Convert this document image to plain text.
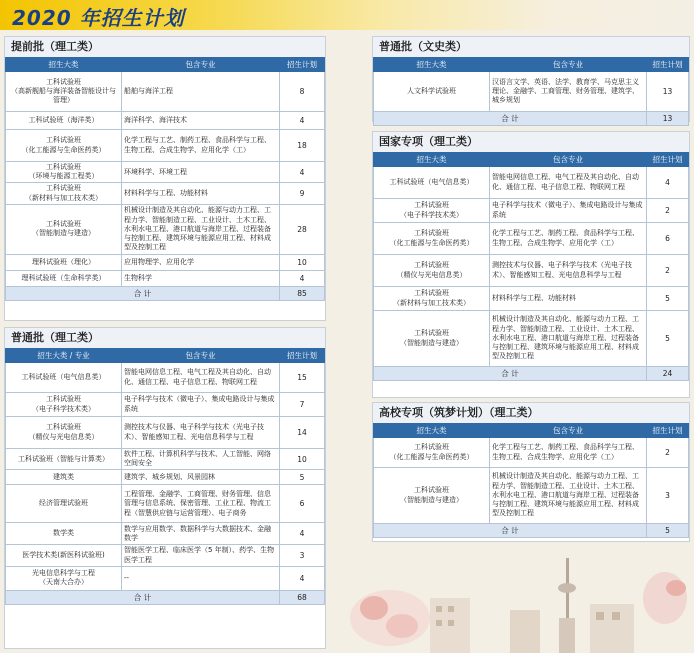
2020 年招生计划
提前批（理工类）
招生大类	包含专业	招生计划
工科试验班
（高新舰船与海洋装备智能设计与管理）	船舶与海洋工程	8
工科试验班（海洋类）	海洋科学、海洋技术	4
工科试验班
（化工能源与生命医药类）	化学工程与工艺、制药工程、食品科学与工程、生物工程、合成生物学、应用化学（工）	18
工科试验班
（环境与能源工程类）	环境科学、环境工程	4
工科试验班
（新材料与加工技术类）	材料科学与工程、功能材料	9
工科试验班
（智能制造与建造）	机械设计制造及其自动化、能源与动力工程、工程力学、智能制造工程、工业设计、土木工程、水利水电工程、港口航道与海岸工程、过程装备与控制工程、建筑环境与能源应用工程、材料成型及控制工程	28
理科试验班（理化）	应用物理学、应用化学	10
理科试验班（生命科学类）	生物科学	4
合 计		85
普通批（理工类）
招生大类 / 专业	包含专业	招生计划
工科试验班（电气信息类）	智能电网信息工程、电气工程及其自动化、自动化、通信工程、电子信息工程、物联网工程	15
工科试验班
（电子科学技术类）	电子科学与技术（微电子）、集成电路设计与集成系统	7
工科试验班
（精仪与光电信息类）	测控技术与仪器、电子科学与技术（光电子技术）、智能感知工程、光电信息科学与工程	14
工科试验班（智能与计算类）	软件工程、计算机科学与技术、人工智能、网络空间安全	10
建筑类	建筑学、城乡规划、风景园林	5
经济管理试验班	工程管理、金融学、工商管理、财务管理、信息管理与信息系统、保密管理、工业工程、物流工程（智慧供应链与运营管理）、电子商务	6
数学类	数学与应用数学、数据科学与大数据技术、金融数学	4
医学技术类(新医科试验班)	智能医学工程、临床医学（5 年制）、药学、生物医学工程	3
光电信息科学与工程
（天南大合办）	--	4
合 计		68
普通批（文史类）
招生大类	包含专业	招生计划
人文科学试验班	汉语言文学、英语、法学、教育学、马克思主义理论、金融学、工商管理、财务管理、建筑学、城乡规划	13
合 计		13
国家专项（理工类）
招生大类	包含专业	招生计划
工科试验班（电气信息类）	智能电网信息工程、电气工程及其自动化、自动化、通信工程、电子信息工程、物联网工程	4
工科试验班
（电子科学技术类）	电子科学与技术（微电子）、集成电路设计与集成系统	2
工科试验班
（化工能源与生命医药类）	化学工程与工艺、制药工程、食品科学与工程、生物工程、合成生物学、应用化学（工）	6
工科试验班
（精仪与光电信息类）	测控技术与仪器、电子科学与技术（光电子技术）、智能感知工程、光电信息科学与工程	2
工科试验班
（新材料与加工技术类）	材料科学与工程、功能材料	5
工科试验班
（智能制造与建造）	机械设计制造及其自动化、能源与动力工程、工程力学、智能制造工程、工业设计、土木工程、水利水电工程、港口航道与海岸工程、过程装备与控制工程、建筑环境与能源应用工程、材料成型及控制工程	5
合 计		24
高校专项（筑梦计划）（理工类）
招生大类	包含专业	招生计划
工科试验班
（化工能源与生命医药类）	化学工程与工艺、制药工程、食品科学与工程、生物工程、合成生物学、应用化学（工）	2
工科试验班
（智能制造与建造）	机械设计制造及其自动化、能源与动力工程、工程力学、智能制造工程、工业设计、土木工程、水利水电工程、港口航道与海岸工程、过程装备与控制工程、建筑环境与能源应用工程、材料成型及控制工程	3
合 计		5
